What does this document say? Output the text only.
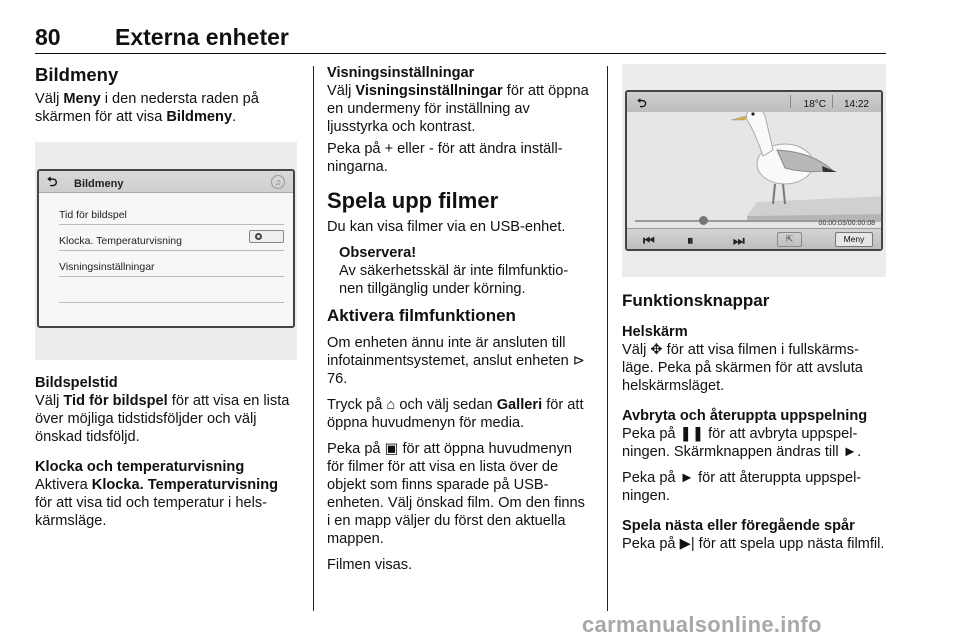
80 Externa enheter
Bildmeny

Välj Meny i den nedersta raden på skärmen för att visa Bildmeny.

⮌ Bildmeny	♫
Tid för bildspel
Klocka. Temperaturvisning
Visningsinställningar
Bildspelstid

Välj Tid för bildspel för att visa en lista över möjliga tidstidsföljder och välj önskad tidsföljd.

Klocka och temperaturvisning

Aktivera Klocka. Temperaturvisning för att visa tid och temperatur i hels-kärmsläge.

Visningsinställningar

Välj Visningsinställningar för att öppna en undermeny för inställning av ljusstyrka och kontrast.

Peka på + eller - för att ändra inställ-ningarna.

Spela upp filmer

Du kan visa filmer via en USB-enhet.

Observera!

Av säkerhetsskäl är inte filmfunktio-nen tillgänglig under körning.

Aktivera filmfunktionen

Om enheten ännu inte är ansluten till infotainmentsystemet, anslut enheten ⊳ 76.

Tryck på ⌂ och välj sedan Galleri för att öppna huvudmenyn för media.

Peka på ▣ för att öppna huvudmenyn för filmer för att visa en lista över de objekt som finns sparade på USB-enheten. Välj önskad film. Om den finns i en mapp väljer du först den aktuella mappen.

Filmen visas.

⮌	18°C 14:22
00:00:03/00:00:08
⏮ ⏸	⏭	⇱	Meny
Funktionsknappar
Helskärm

Välj ✥ för att visa filmen i fullskärms-läge. Peka på skärmen för att avsluta helskärmsläget.

Avbryta och återuppta uppspelning

Peka på ❚❚ för att avbryta uppspel-ningen. Skärmknappen ändras till ►.

Peka på ► för att återuppta uppspel-ningen.

Spela nästa eller föregående spår

Peka på ▶| för att spela upp nästa filmfil.

carmanualsonline.info
